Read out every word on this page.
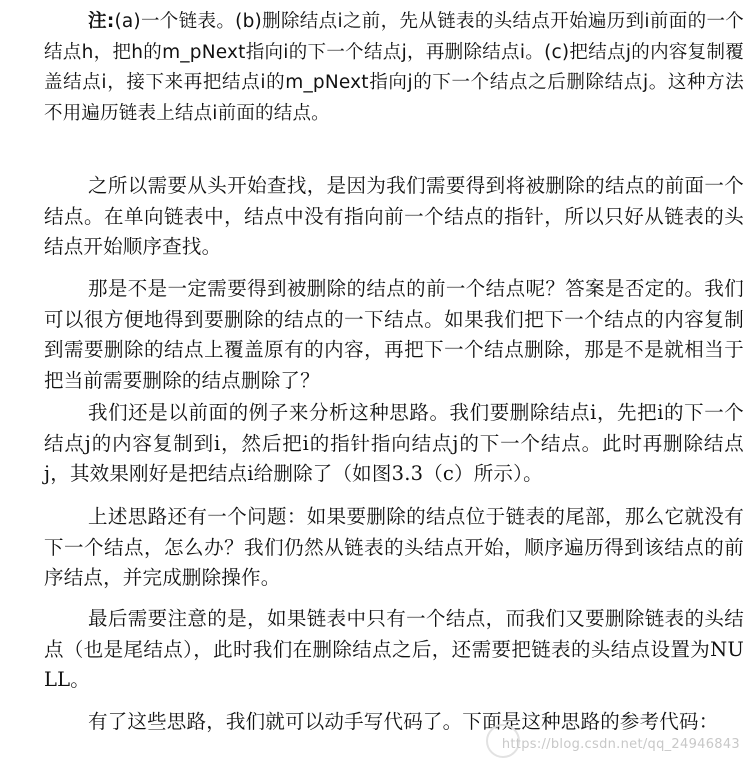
注:(a)一个链表。(b)删除结点i之前，先从链表的头结点开始遍历到i前面的一个结点h，把h的m_pNext指向i的下一个结点j，再删除结点i。(c)把结点j的内容复制覆盖结点i，接下来再把结点i的m_pNext指向j的下一个结点之后删除结点j。这种方法不用遍历链表上结点i前面的结点。

之所以需要从头开始查找，是因为我们需要得到将被删除的结点的前面一个结点。在单向链表中，结点中没有指向前一个结点的指针，所以只好从链表的头结点开始顺序查找。

那是不是一定需要得到被删除的结点的前一个结点呢？答案是否定的。我们可以很方便地得到要删除的结点的一下结点。如果我们把下一个结点的内容复制到需要删除的结点上覆盖原有的内容，再把下一个结点删除，那是不是就相当于把当前需要删除的结点删除了？

我们还是以前面的例子来分析这种思路。我们要删除结点i，先把i的下一个结点j的内容复制到i，然后把i的指针指向结点j的下一个结点。此时再删除结点j，其效果刚好是把结点i给删除了（如图3.3（c）所示）。

上述思路还有一个问题：如果要删除的结点位于链表的尾部，那么它就没有下一个结点，怎么办？我们仍然从链表的头结点开始，顺序遍历得到该结点的前序结点，并完成删除操作。

最后需要注意的是，如果链表中只有一个结点，而我们又要删除链表的头结点（也是尾结点），此时我们在删除结点之后，还需要把链表的头结点设置为NULL。

有了这些思路，我们就可以动手写代码了。下面是这种思路的参考代码：

https://blog.csdn.net/qq_24946843
